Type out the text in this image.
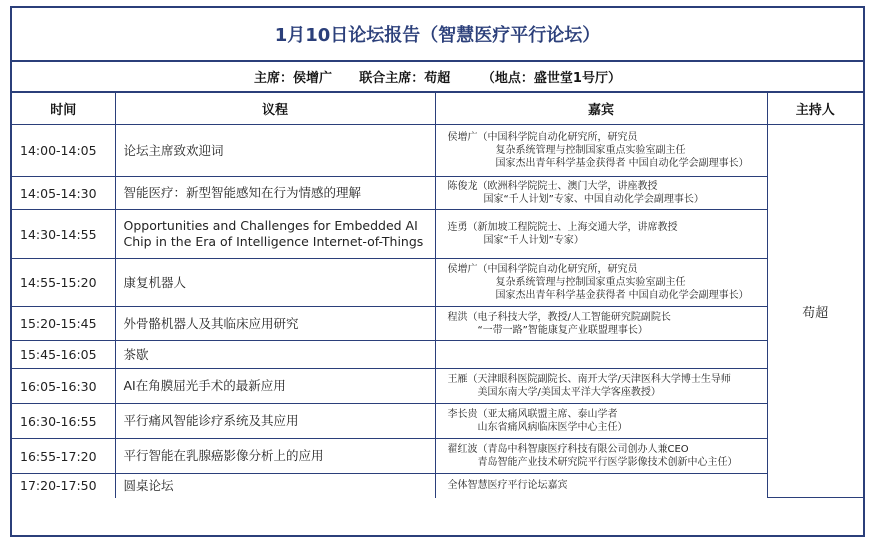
1月10日论坛报告（智慧医疗平行论坛）
主席：侯增广
联合主席：苟超
（地点：盛世堂1号厅）
时间	议程	嘉宾	主持人
14:00-14:05	论坛主席致欢迎词	侯增广（中国科学院自动化研究所，研究员
复杂系统管理与控制国家重点实验室副主任
国家杰出青年科学基金获得者 中国自动化学会副理事长）	苟超
14:05-14:30	智能医疗：新型智能感知在行为情感的理解	陈俊龙（欧洲科学院院士、澳门大学，讲座教授
国家“千人计划”专家、中国自动化学会副理事长）	

14:30-14:55	Opportunities and Challenges for Embedded AI Chip in the Era of Intelligence Internet-of-Things	连勇（新加坡工程院院士、上海交通大学，讲席教授
国家“千人计划”专家）	

14:55-15:20	康复机器人	侯增广（中国科学院自动化研究所，研究员
复杂系统管理与控制国家重点实验室副主任
国家杰出青年科学基金获得者 中国自动化学会副理事长）	

15:20-15:45	外骨骼机器人及其临床应用研究	程洪（电子科技大学，教授/人工智能研究院副院长
“一带一路”智能康复产业联盟理事长）	

15:45-16:05	茶歇		
16:05-16:30	AI在角膜屈光手术的最新应用	王雁（天津眼科医院副院长、南开大学/天津医科大学博士生导师
美国东南大学/美国太平洋大学客座教授）	

16:30-16:55	平行痛风智能诊疗系统及其应用	李长贵（亚太痛风联盟主席、泰山学者
山东省痛风病临床医学中心主任）	

16:55-17:20	平行智能在乳腺癌影像分析上的应用	翟红波（青岛中科智康医疗科技有限公司创办人兼CEO
青岛智能产业技术研究院平行医学影像技术创新中心主任）	

17:20-17:50	圆桌论坛	全体智慧医疗平行论坛嘉宾	
